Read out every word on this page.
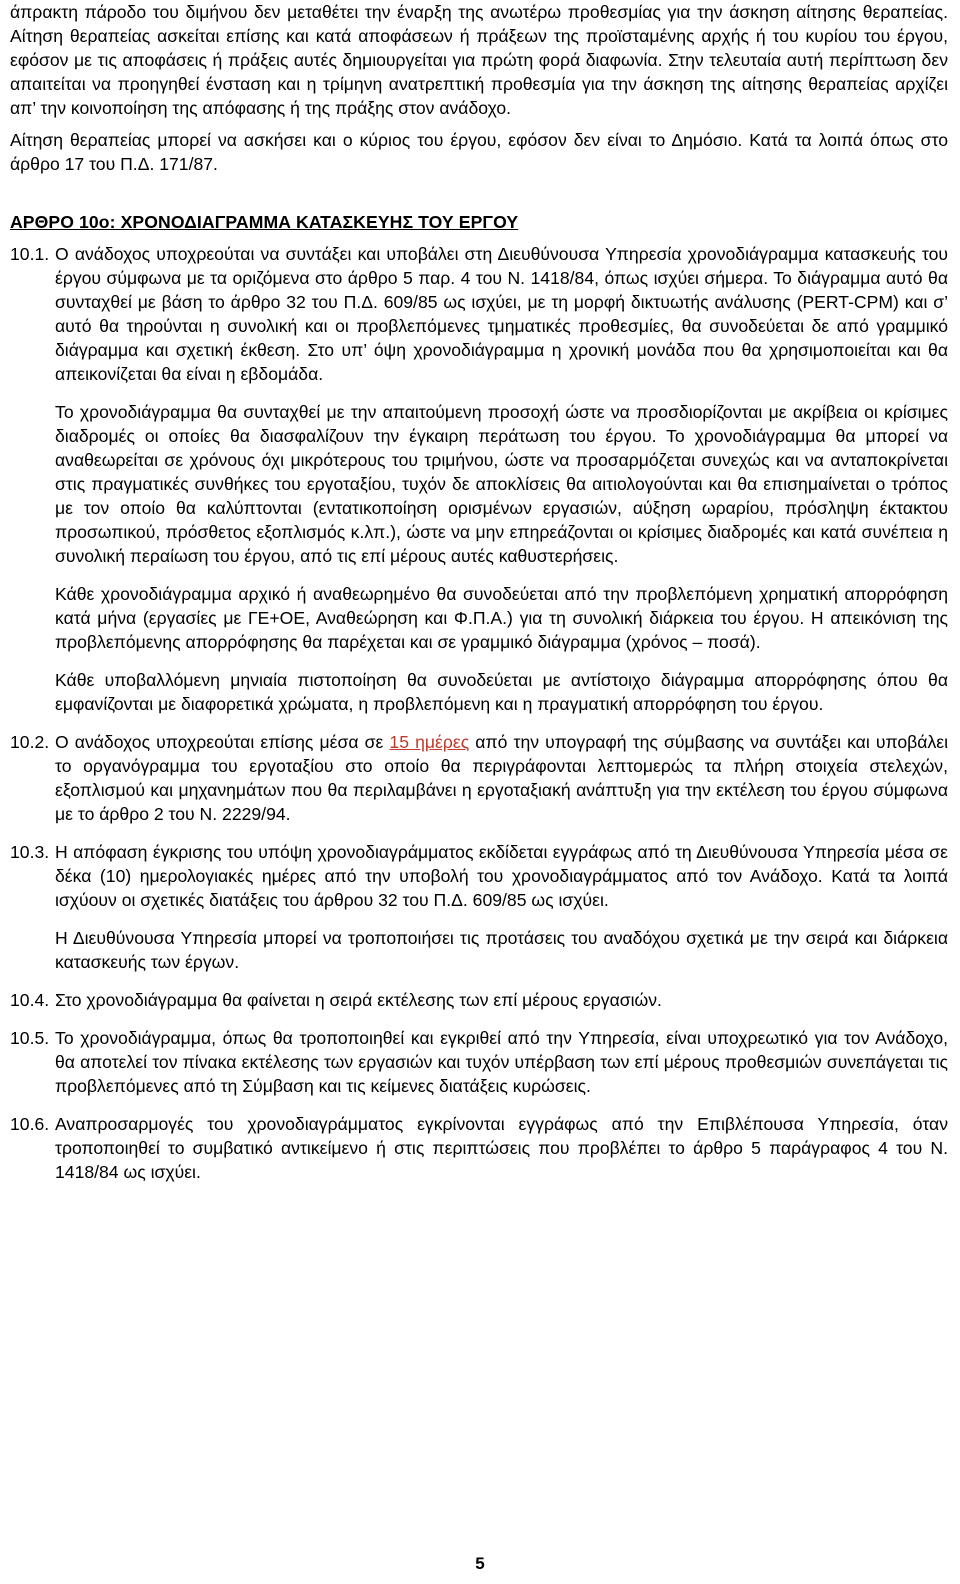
άπρακτη πάροδο του διμήνου δεν μεταθέτει την έναρξη της ανωτέρω προθεσμίας για την άσκηση αίτησης θεραπείας. Αίτηση θεραπείας ασκείται επίσης και κατά αποφάσεων ή πράξεων της προϊσταμένης αρχής ή του κυρίου του έργου, εφόσον με τις αποφάσεις ή πράξεις αυτές δημιουργείται για πρώτη φορά διαφωνία. Στην τελευταία αυτή περίπτωση δεν απαιτείται να προηγηθεί ένσταση και η τρίμηνη ανατρεπτική προθεσμία για την άσκηση της αίτησης θεραπείας αρχίζει απ’ την κοινοποίηση της απόφασης ή της πράξης στον ανάδοχο.

Αίτηση θεραπείας μπορεί να ασκήσει και ο κύριος του έργου, εφόσον δεν είναι το Δημόσιο. Κατά τα λοιπά όπως στο άρθρο 17 του Π.Δ. 171/87.

ΑΡΘΡΟ 10ο: ΧΡΟΝΟΔΙΑΓΡΑΜΜΑ ΚΑΤΑΣΚΕΥΗΣ ΤΟΥ ΕΡΓΟΥ

10.1. Ο ανάδοχος υποχρεούται να συντάξει και υποβάλει στη Διευθύνουσα Υπηρεσία χρονοδιάγραμμα κατασκευής του έργου σύμφωνα με τα οριζόμενα στο άρθρο 5 παρ. 4 του Ν. 1418/84, όπως ισχύει σήμερα. Το διάγραμμα αυτό θα συνταχθεί με βάση το άρθρο 32 του Π.Δ. 609/85 ως ισχύει, με τη μορφή δικτυωτής ανάλυσης (PERT-CPM) και σ’ αυτό θα τηρούνται η συνολική και οι προβλεπόμενες τμηματικές προθεσμίες, θα συνοδεύεται δε από γραμμικό διάγραμμα και σχετική έκθεση. Στο υπ’ όψη χρονοδιάγραμμα η χρονική μονάδα που θα χρησιμοποιείται και θα απεικονίζεται θα είναι η εβδομάδα.

Το χρονοδιάγραμμα θα συνταχθεί με την απαιτούμενη προσοχή ώστε να προσδιορίζονται με ακρίβεια οι κρίσιμες διαδρομές οι οποίες θα διασφαλίζουν την έγκαιρη περάτωση του έργου. Το χρονοδιάγραμμα θα μπορεί να αναθεωρείται σε χρόνους όχι μικρότερους του τριμήνου, ώστε να προσαρμόζεται συνεχώς και να ανταποκρίνεται στις πραγματικές συνθήκες του εργοταξίου, τυχόν δε αποκλίσεις θα αιτιολογούνται και θα επισημαίνεται ο τρόπος με τον οποίο θα καλύπτονται (εντατικοποίηση ορισμένων εργασιών, αύξηση ωραρίου, πρόσληψη έκτακτου προσωπικού, πρόσθετος εξοπλισμός κ.λπ.), ώστε να μην επηρεάζονται οι κρίσιμες διαδρομές και κατά συνέπεια η συνολική περαίωση του έργου, από τις επί μέρους αυτές καθυστερήσεις.

Κάθε χρονοδιάγραμμα αρχικό ή αναθεωρημένο θα συνοδεύεται από την προβλεπόμενη χρηματική απορρόφηση κατά μήνα (εργασίες με ΓΕ+ΟΕ, Αναθεώρηση και Φ.Π.Α.) για τη συνολική διάρκεια του έργου. Η απεικόνιση της προβλεπόμενης απορρόφησης θα παρέχεται και σε γραμμικό διάγραμμα (χρόνος – ποσά).

Κάθε υποβαλλόμενη μηνιαία πιστοποίηση θα συνοδεύεται με αντίστοιχο διάγραμμα απορρόφησης όπου θα εμφανίζονται με διαφορετικά χρώματα, η προβλεπόμενη και η πραγματική απορρόφηση του έργου.

10.2. Ο ανάδοχος υποχρεούται επίσης μέσα σε 15 ημέρες από την υπογραφή της σύμβασης να συντάξει και υποβάλει το οργανόγραμμα του εργοταξίου στο οποίο θα περιγράφονται λεπτομερώς τα πλήρη στοιχεία στελεχών, εξοπλισμού και μηχανημάτων που θα περιλαμβάνει η εργοταξιακή ανάπτυξη για την εκτέλεση του έργου σύμφωνα με το άρθρο 2 του Ν. 2229/94.

10.3. Η απόφαση έγκρισης του υπόψη χρονοδιαγράμματος εκδίδεται εγγράφως από τη Διευθύνουσα Υπηρεσία μέσα σε δέκα (10) ημερολογιακές ημέρες από την υποβολή του χρονοδιαγράμματος από τον Ανάδοχο. Κατά τα λοιπά ισχύουν οι σχετικές διατάξεις του άρθρου 32 του Π.Δ. 609/85 ως ισχύει.

Η Διευθύνουσα Υπηρεσία μπορεί να τροποποιήσει τις προτάσεις του αναδόχου σχετικά με την σειρά και διάρκεια κατασκευής των έργων.

10.4. Στο χρονοδιάγραμμα θα φαίνεται η σειρά εκτέλεσης των επί μέρους εργασιών.

10.5. Το χρονοδιάγραμμα, όπως θα τροποποιηθεί και εγκριθεί από την Υπηρεσία, είναι υποχρεωτικό για τον Ανάδοχο, θα αποτελεί τον πίνακα εκτέλεσης των εργασιών και τυχόν υπέρβαση των επί μέρους προθεσμιών συνεπάγεται τις προβλεπόμενες από τη Σύμβαση και τις κείμενες διατάξεις κυρώσεις.

10.6. Αναπροσαρμογές του χρονοδιαγράμματος εγκρίνονται εγγράφως από την Επιβλέπουσα Υπηρεσία, όταν τροποποιηθεί το συμβατικό αντικείμενο ή στις περιπτώσεις που προβλέπει το άρθρο 5 παράγραφος 4 του Ν. 1418/84 ως ισχύει.

5
